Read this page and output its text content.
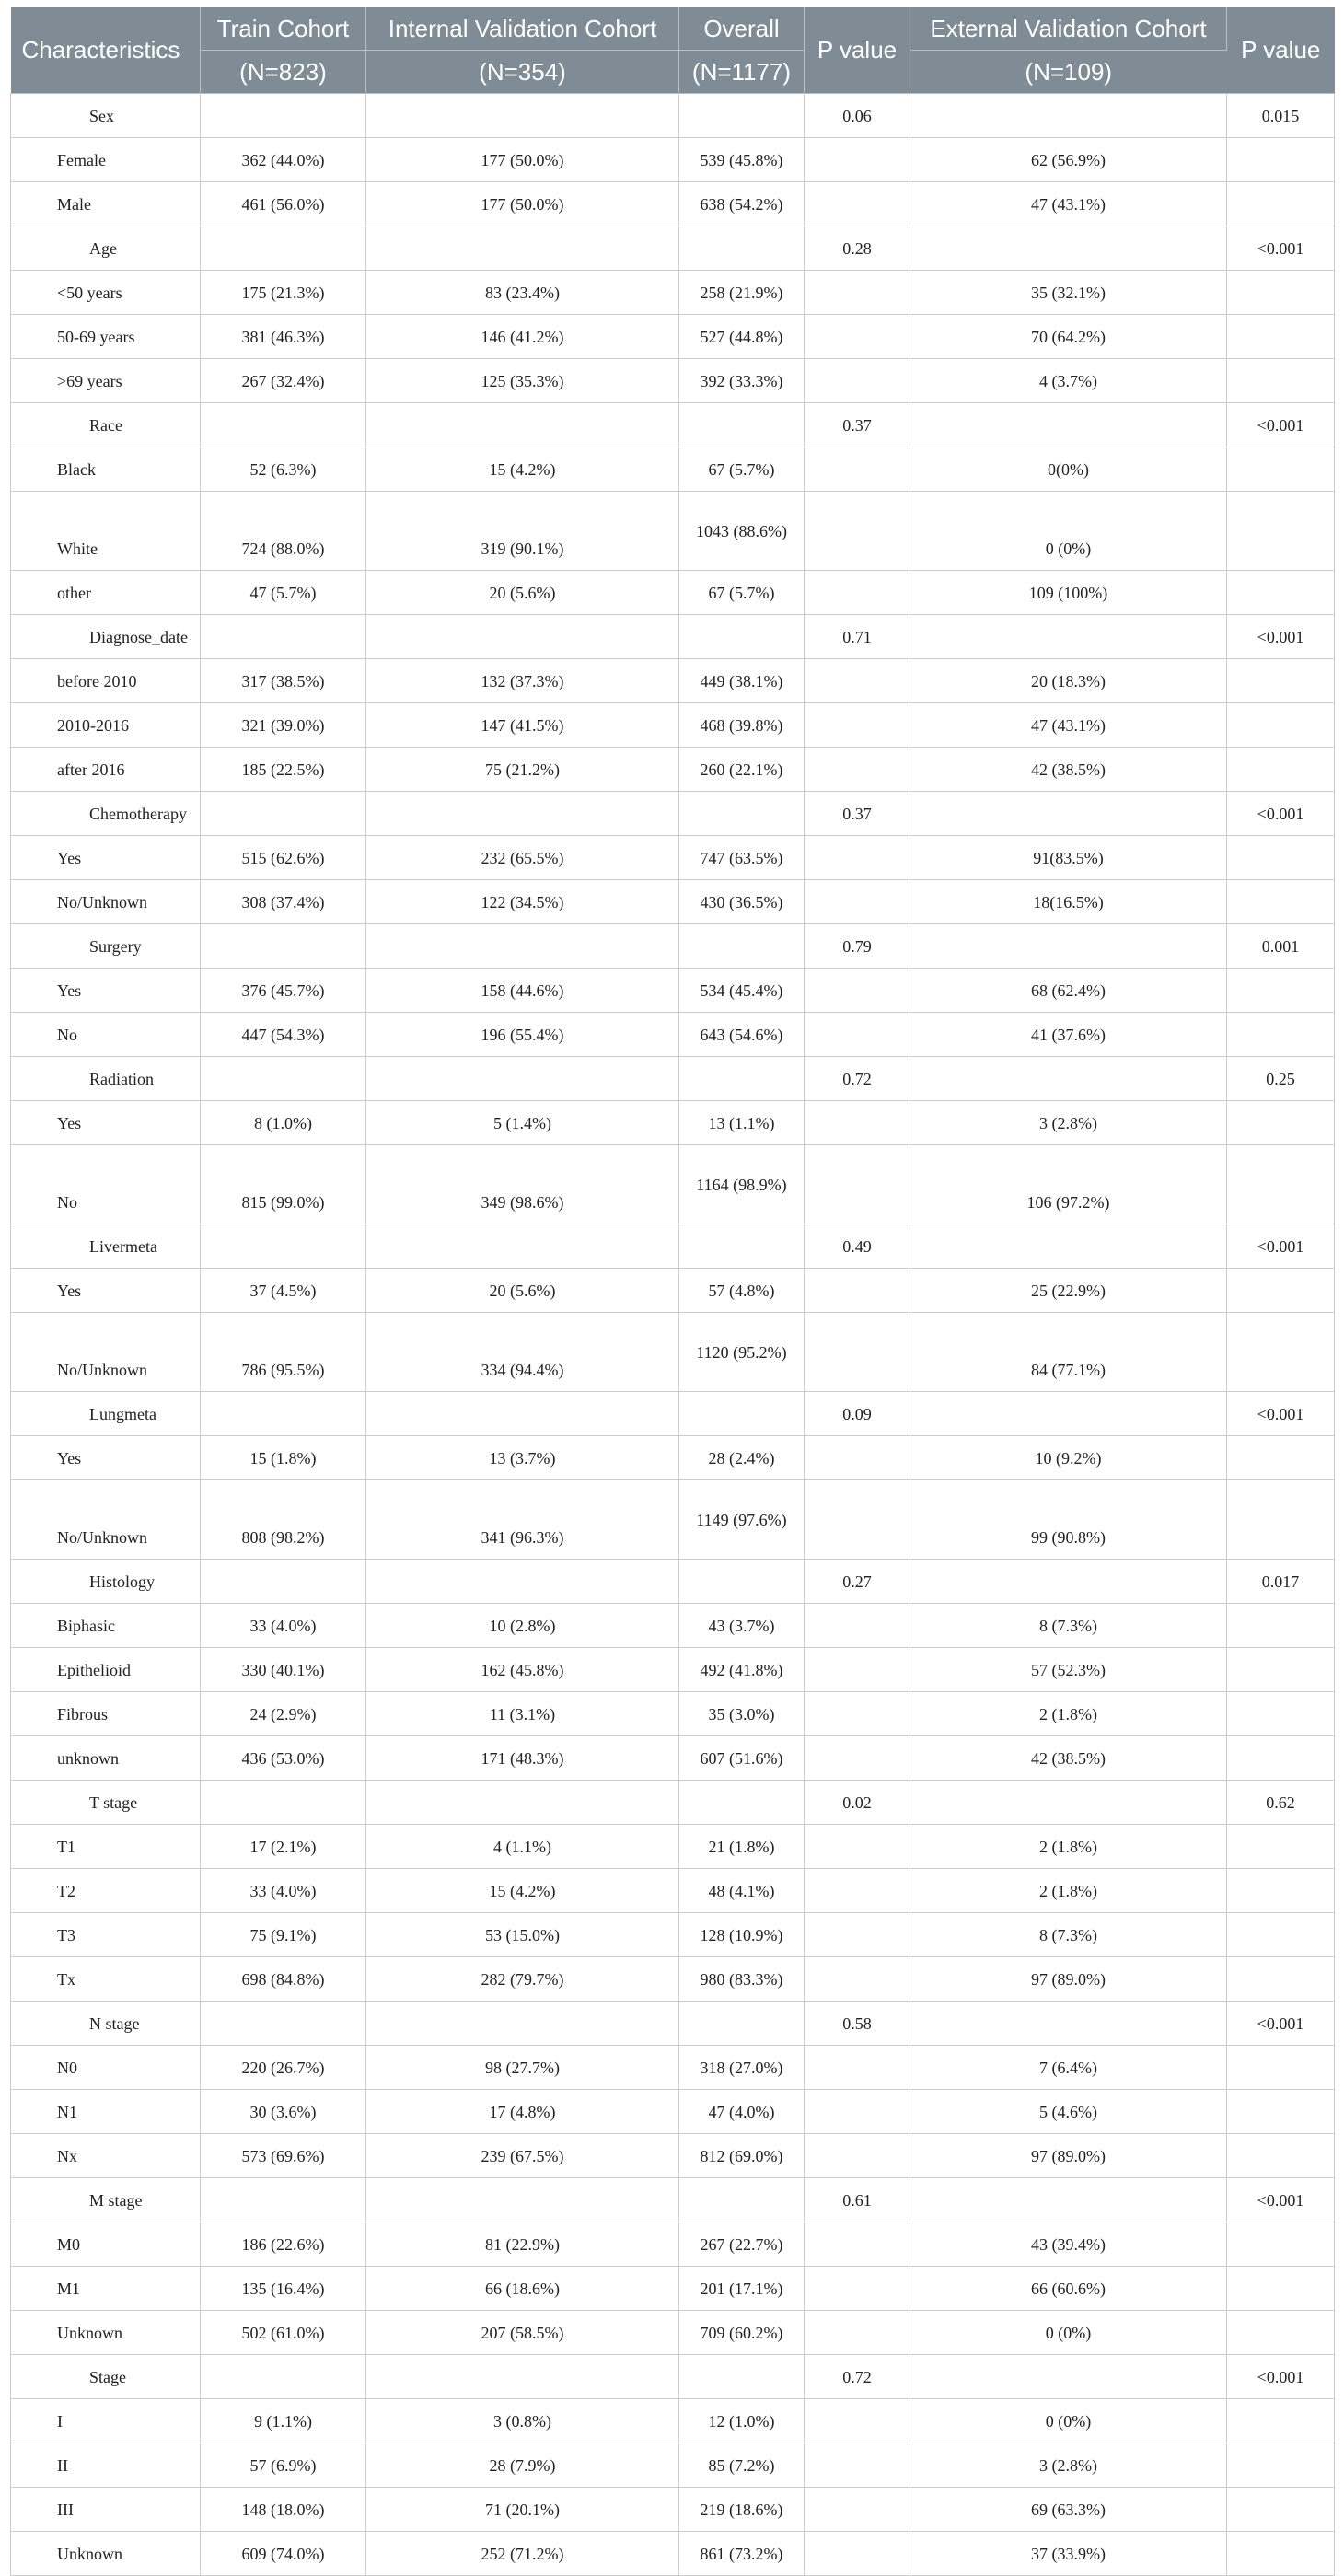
Characteristics	Train Cohort	Internal Validation Cohort	Overall	P value	External Validation Cohort	P value
	(N=823)	(N=354)	(N=1177)		(N=109)	
Sex				0.06		0.015
Female	362 (44.0%)	177 (50.0%)	539 (45.8%)		62 (56.9%)	
Male	461 (56.0%)	177 (50.0%)	638 (54.2%)		47 (43.1%)	
Age				0.28		<0.001
<50 years	175 (21.3%)	83 (23.4%)	258 (21.9%)		35 (32.1%)	
50-69 years	381 (46.3%)	146 (41.2%)	527 (44.8%)		70 (64.2%)	
>69 years	267 (32.4%)	125 (35.3%)	392 (33.3%)		4 (3.7%)	
Race				0.37		<0.001
Black	52 (6.3%)	15 (4.2%)	67 (5.7%)		0(0%)	
White	724 (88.0%)	319 (90.1%)	1043 (88.6%)		0 (0%)	
other	47 (5.7%)	20 (5.6%)	67 (5.7%)		109 (100%)	
Diagnose_date				0.71		<0.001
before 2010	317 (38.5%)	132 (37.3%)	449 (38.1%)		20 (18.3%)	
2010-2016	321 (39.0%)	147 (41.5%)	468 (39.8%)		47 (43.1%)	
after 2016	185 (22.5%)	75 (21.2%)	260 (22.1%)		42 (38.5%)	
Chemotherapy				0.37		<0.001
Yes	515 (62.6%)	232 (65.5%)	747 (63.5%)		91(83.5%)	
No/Unknown	308 (37.4%)	122 (34.5%)	430 (36.5%)		18(16.5%)	
Surgery				0.79		0.001
Yes	376 (45.7%)	158 (44.6%)	534 (45.4%)		68 (62.4%)	
No	447 (54.3%)	196 (55.4%)	643 (54.6%)		41 (37.6%)	
Radiation				0.72		0.25
Yes	8 (1.0%)	5 (1.4%)	13 (1.1%)		3 (2.8%)	
No	815 (99.0%)	349 (98.6%)	1164 (98.9%)		106 (97.2%)	
Livermeta				0.49		<0.001
Yes	37 (4.5%)	20 (5.6%)	57 (4.8%)		25 (22.9%)	
No/Unknown	786 (95.5%)	334 (94.4%)	1120 (95.2%)		84 (77.1%)	
Lungmeta				0.09		<0.001
Yes	15 (1.8%)	13 (3.7%)	28 (2.4%)		10 (9.2%)	
No/Unknown	808 (98.2%)	341 (96.3%)	1149 (97.6%)		99 (90.8%)	
Histology				0.27		0.017
Biphasic	33 (4.0%)	10 (2.8%)	43 (3.7%)		8 (7.3%)	
Epithelioid	330 (40.1%)	162 (45.8%)	492 (41.8%)		57 (52.3%)	
Fibrous	24 (2.9%)	11 (3.1%)	35 (3.0%)		2 (1.8%)	
unknown	436 (53.0%)	171 (48.3%)	607 (51.6%)		42 (38.5%)	
T stage				0.02		0.62
T1	17 (2.1%)	4 (1.1%)	21 (1.8%)		2 (1.8%)	
T2	33 (4.0%)	15 (4.2%)	48 (4.1%)		2 (1.8%)	
T3	75 (9.1%)	53 (15.0%)	128 (10.9%)		8 (7.3%)	
Tx	698 (84.8%)	282 (79.7%)	980 (83.3%)		97 (89.0%)	
N stage				0.58		<0.001
N0	220 (26.7%)	98 (27.7%)	318 (27.0%)		7 (6.4%)	
N1	30 (3.6%)	17 (4.8%)	47 (4.0%)		5 (4.6%)	
Nx	573 (69.6%)	239 (67.5%)	812 (69.0%)		97 (89.0%)	
M stage				0.61		<0.001
M0	186 (22.6%)	81 (22.9%)	267 (22.7%)		43 (39.4%)	
M1	135 (16.4%)	66 (18.6%)	201 (17.1%)		66 (60.6%)	
Unknown	502 (61.0%)	207 (58.5%)	709 (60.2%)		0 (0%)	
Stage				0.72		<0.001
I	9 (1.1%)	3 (0.8%)	12 (1.0%)		0 (0%)	
II	57 (6.9%)	28 (7.9%)	85 (7.2%)		3 (2.8%)	
III	148 (18.0%)	71 (20.1%)	219 (18.6%)		69 (63.3%)	
Unknown	609 (74.0%)	252 (71.2%)	861 (73.2%)		37 (33.9%)	
